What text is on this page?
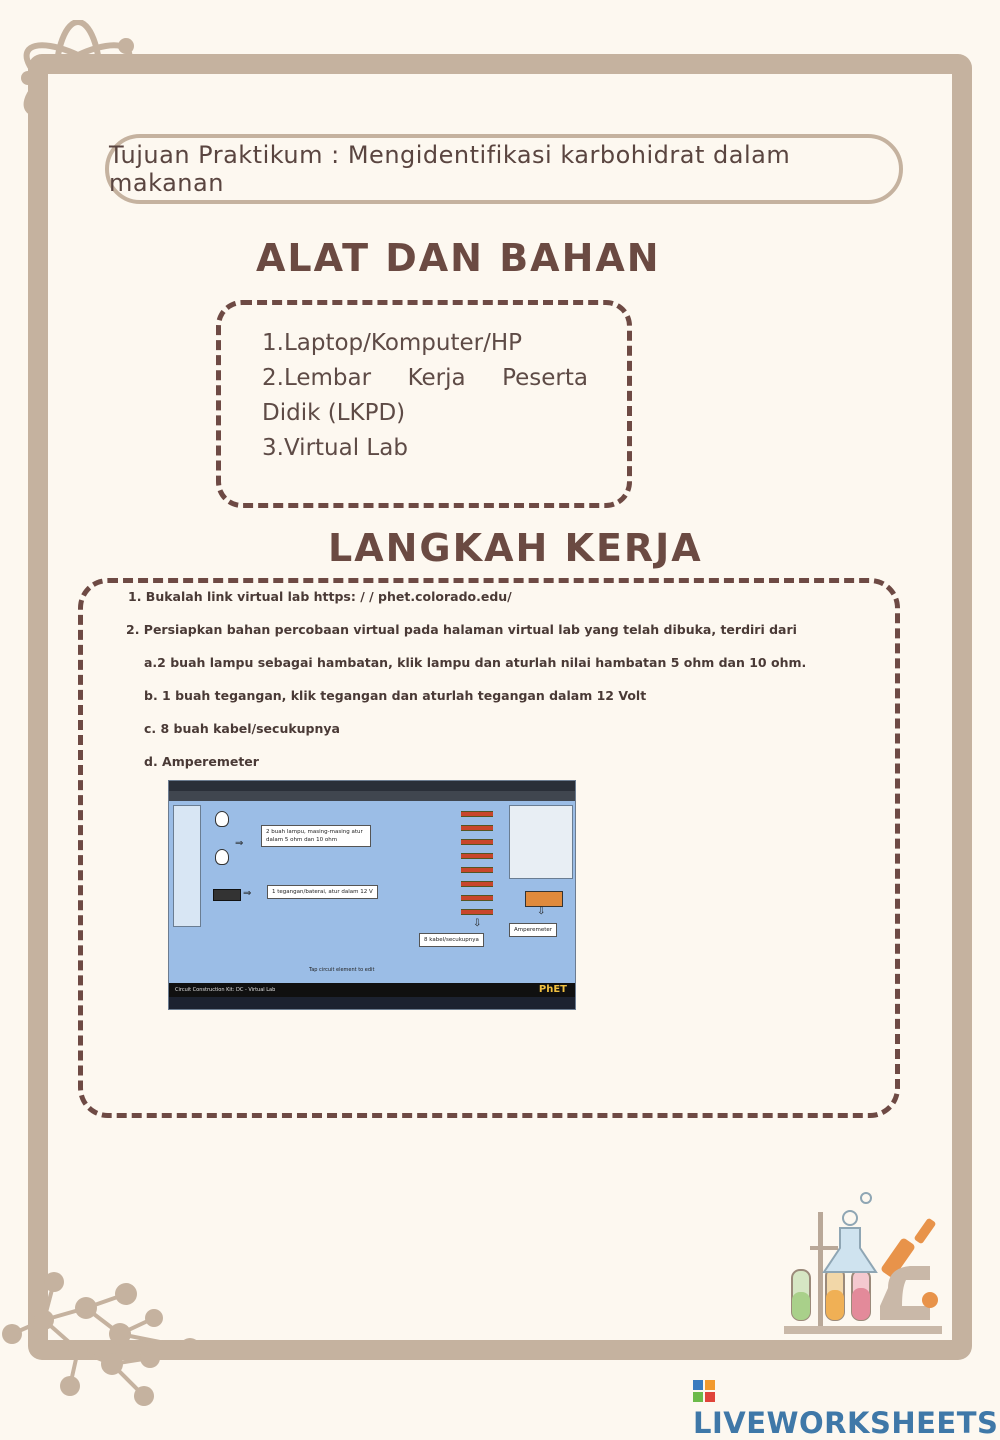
Tujuan Praktikum : Mengidentifikasi karbohidrat dalam makanan
ALAT DAN BAHAN
1.Laptop/Komputer/HP
2.Lembar Kerja Peserta
Didik (LKPD)
3.Virtual Lab
LANGKAH KERJA
1. Bukalah link virtual lab https: / / phet.colorado.edu/
2. Persiapkan bahan percobaan virtual pada halaman virtual lab yang telah dibuka, terdiri dari
a.2 buah lampu sebagai hambatan, klik lampu dan aturlah nilai hambatan 5 ohm dan 10 ohm.
b. 1 buah tegangan, klik tegangan dan aturlah tegangan dalam 12 Volt
c. 8 buah kabel/secukupnya
d. Amperemeter
⇒
2 buah lampu, masing-masing atur dalam 5 ohm dan 10 ohm
⇒	1 tegangan/baterai, atur dalam 12 V
⇩
8 kabel/secukupnya
⇩
Amperemeter
Tap circuit element to edit
Circuit Construction Kit: DC - Virtual Lab	PhET
LIVEWORKSHEETS
